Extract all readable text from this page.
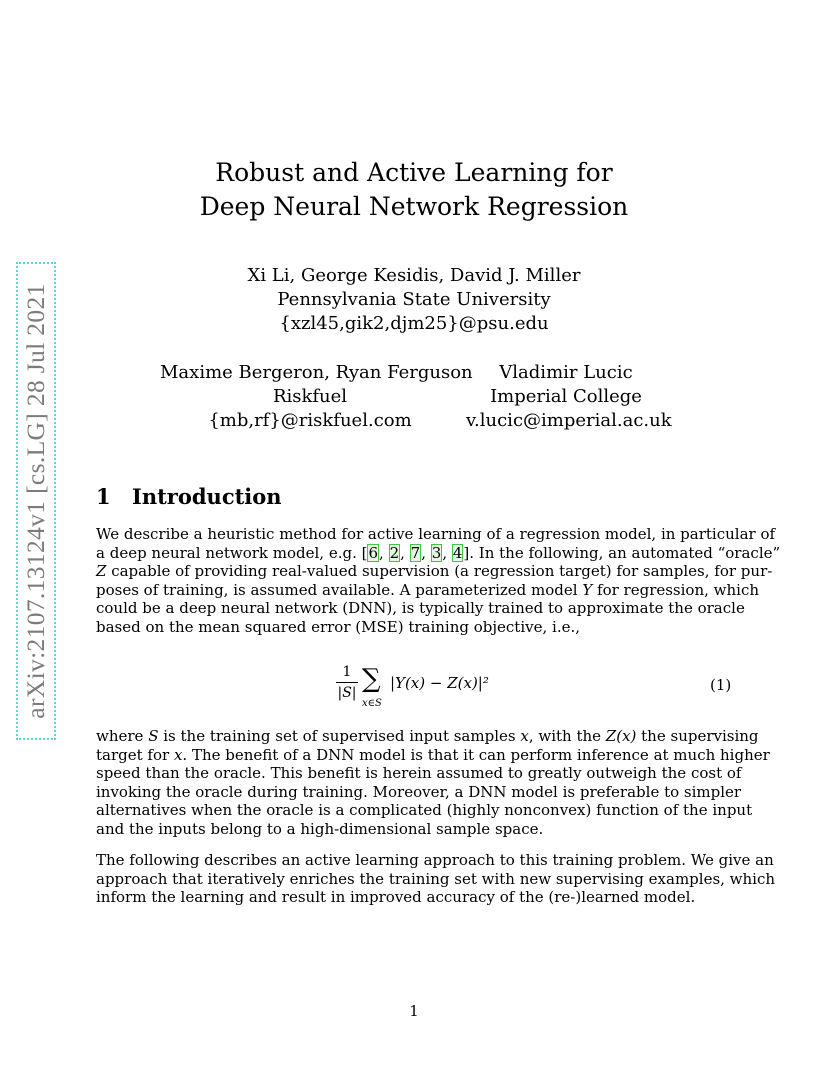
arXiv:2107.13124v1 [cs.LG] 28 Jul 2021
Robust and Active Learning for
Deep Neural Network Regression
Xi Li, George Kesidis, David J. Miller
Pennsylvania State University
{xzl45,gik2,djm25}@psu.edu
Maxime Bergeron, Ryan Ferguson
Riskfuel
{mb,rf}@riskfuel.com
Vladimir Lucic
Imperial College
v.lucic@imperial.ac.uk
1 Introduction
We describe a heuristic method for active learning of a regression model, in particular of
a deep neural network model, e.g. [6, 2, 7, 3, 4]. In the following, an automated “oracle”
Z capable of providing real-valued supervision (a regression target) for samples, for pur-
poses of training, is assumed available. A parameterized model Y for regression, which
could be a deep neural network (DNN), is typically trained to approximate the oracle
based on the mean squared error (MSE) training objective, i.e.,
1
|S| ∑
x∈S
|Y(x) − Z(x)|²	(1)
where S is the training set of supervised input samples x, with the Z(x) the supervising
target for x. The benefit of a DNN model is that it can perform inference at much higher
speed than the oracle. This benefit is herein assumed to greatly outweigh the cost of
invoking the oracle during training. Moreover, a DNN model is preferable to simpler
alternatives when the oracle is a complicated (highly nonconvex) function of the input
and the inputs belong to a high-dimensional sample space.
The following describes an active learning approach to this training problem. We give an
approach that iteratively enriches the training set with new supervising examples, which
inform the learning and result in improved accuracy of the (re-)learned model.
1
